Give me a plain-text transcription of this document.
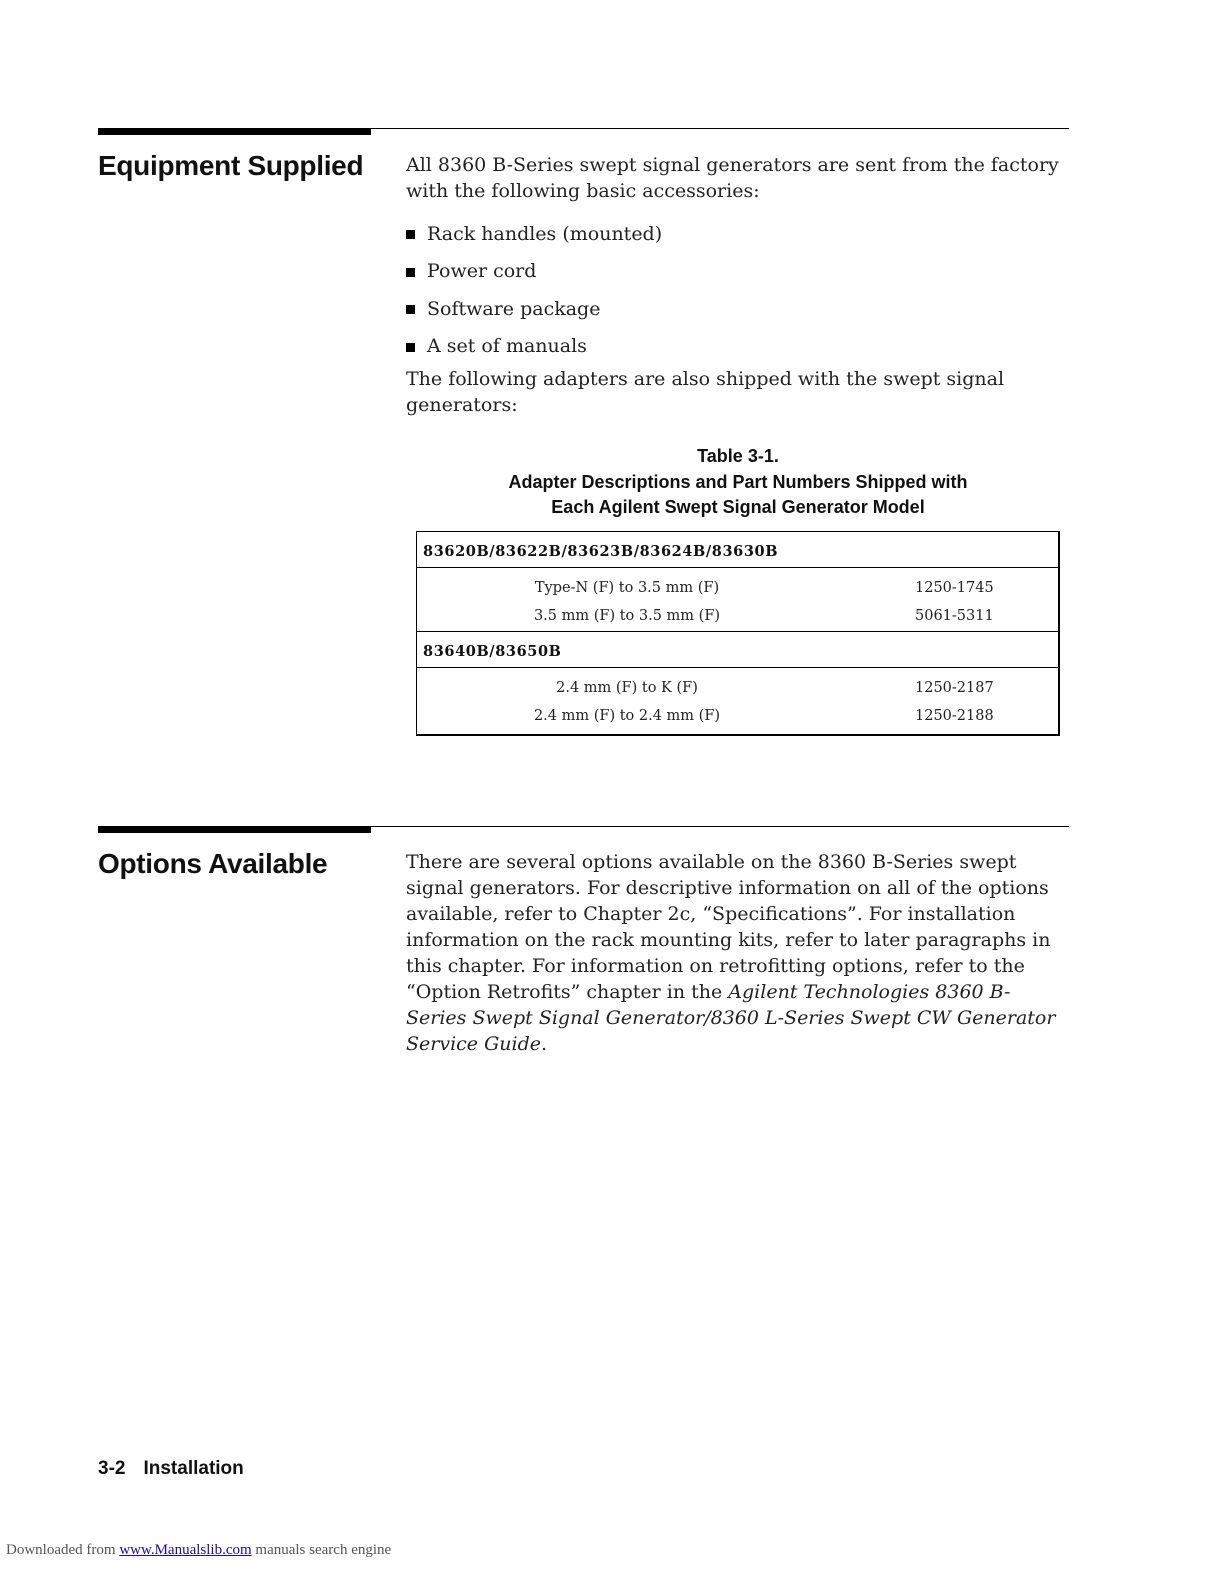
Equipment Supplied All 8360 B-Series swept signal generators are sent from the factory with the following basic accessories:

Rack handles (mounted)
Power cord
Software package
A set of manuals

The following adapters are also shipped with the swept signal generators:

Table 3-1.
Adapter Descriptions and Part Numbers Shipped with
Each Agilent Swept Signal Generator Model
83620B/83622B/83623B/83624B/83630B
Type-N (F) to 3.5 mm (F)	1250-1745
3.5 mm (F) to 3.5 mm (F)	5061-5311
83640B/83650B
2.4 mm (F) to K (F)	1250-2187
2.4 mm (F) to 2.4 mm (F)	1250-2188
Options Available	There are several options available on the 8360 B-Series swept signal generators. For descriptive information on all of the options available, refer to Chapter 2c, “Specifications”. For installation information on the rack mounting kits, refer to later paragraphs in this chapter. For information on retrofitting options, refer to the “Option Retrofits” chapter in the Agilent Technologies 8360 B-Series Swept Signal Generator/8360 L-Series Swept CW Generator Service Guide.

3-2 Installation
Downloaded from www.Manualslib.com manuals search engine
